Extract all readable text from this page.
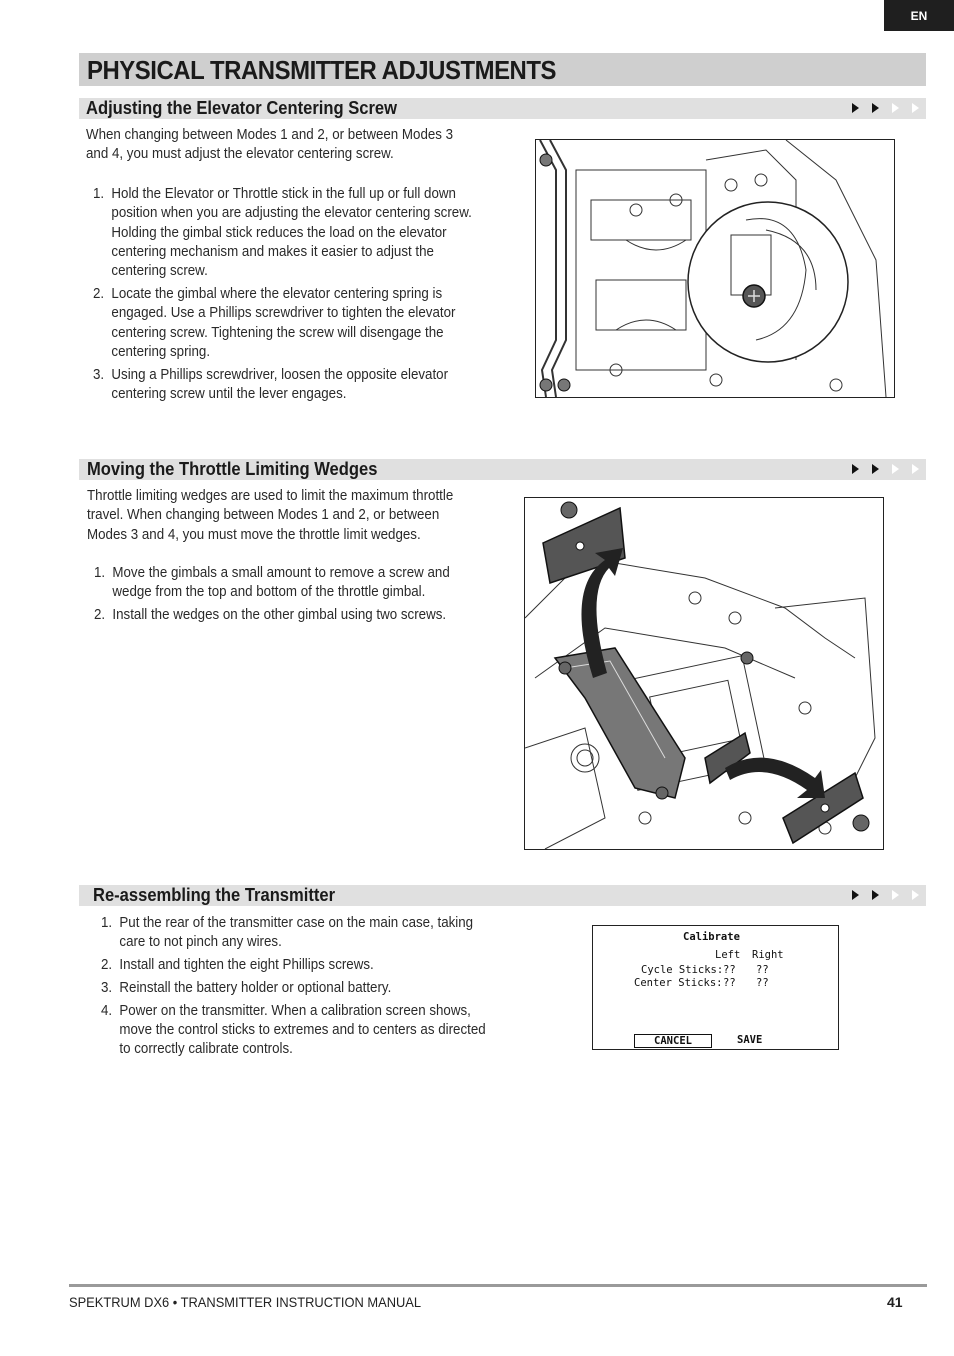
EN
PHYSICAL TRANSMITTER ADJUSTMENTS
Adjusting the Elevator Centering Screw
When changing between Modes 1 and 2, or between Modes 3
and 4, you must adjust the elevator centering screw.
1. Hold the Elevator or Throttle stick in the full up or full down
position when you are adjusting the elevator centering screw.
Holding the gimbal stick reduces the load on the elevator
centering mechanism and makes it easier to adjust the
centering screw.
2. Locate the gimbal where the elevator centering spring is
engaged. Use a Phillips screwdriver to tighten the elevator
centering screw. Tightening the screw will disengage the
centering spring.
3. Using a Phillips screwdriver, loosen the opposite elevator
centering screw until the lever engages.
Moving the Throttle Limiting Wedges
Throttle limiting wedges are used to limit the maximum throttle
travel. When changing between Modes 1 and 2, or between
Modes 3 and 4, you must move the throttle limit wedges.
1. Move the gimbals a small amount to remove a screw and
wedge from the top and bottom of the throttle gimbal.
2. Install the wedges on the other gimbal using two screws.
Re-assembling the Transmitter
1. Put the rear of the transmitter case on the main case, taking
care to not pinch any wires.
2. Install and tighten the eight Phillips screws.
3. Reinstall the battery holder or optional battery.
4. Power on the transmitter. When a calibration screen shows,
move the control sticks to extremes and to centers as directed
to correctly calibrate controls.
Calibrate
Left Right
Cycle Sticks: ?? ??
Center Sticks: ?? ??
CANCEL	SAVE
SPEKTRUM DX6 • TRANSMITTER INSTRUCTION MANUAL	41
